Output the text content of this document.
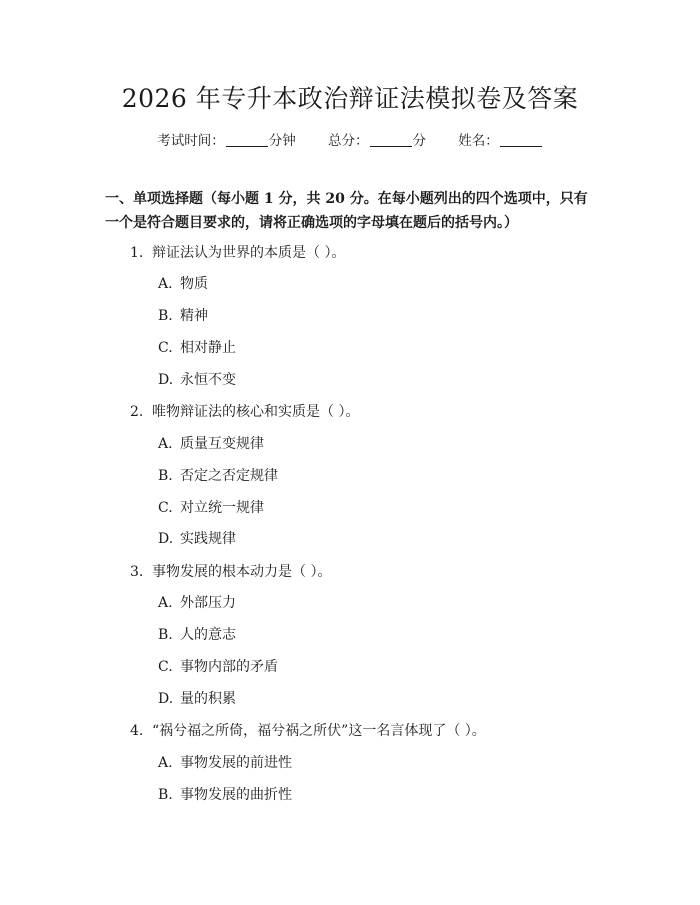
2026 年专升本政治辩证法模拟卷及答案
考试时间：	分钟 总分：	分 姓名：
一、单项选择题（每小题 1 分，共 20 分。在每小题列出的四个选项中，只有一个是符合题目要求的，请将正确选项的字母填在题后的括号内。）
1. 辩证法认为世界的本质是（ ）。
A. 物质
B. 精神
C. 相对静止
D. 永恒不变
2. 唯物辩证法的核心和实质是（ ）。
A. 质量互变规律
B. 否定之否定规律
C. 对立统一规律
D. 实践规律
3. 事物发展的根本动力是（ ）。
A. 外部压力
B. 人的意志
C. 事物内部的矛盾
D. 量的积累
4. “祸兮福之所倚，福兮祸之所伏”这一名言体现了（ ）。
A. 事物发展的前进性
B. 事物发展的曲折性
